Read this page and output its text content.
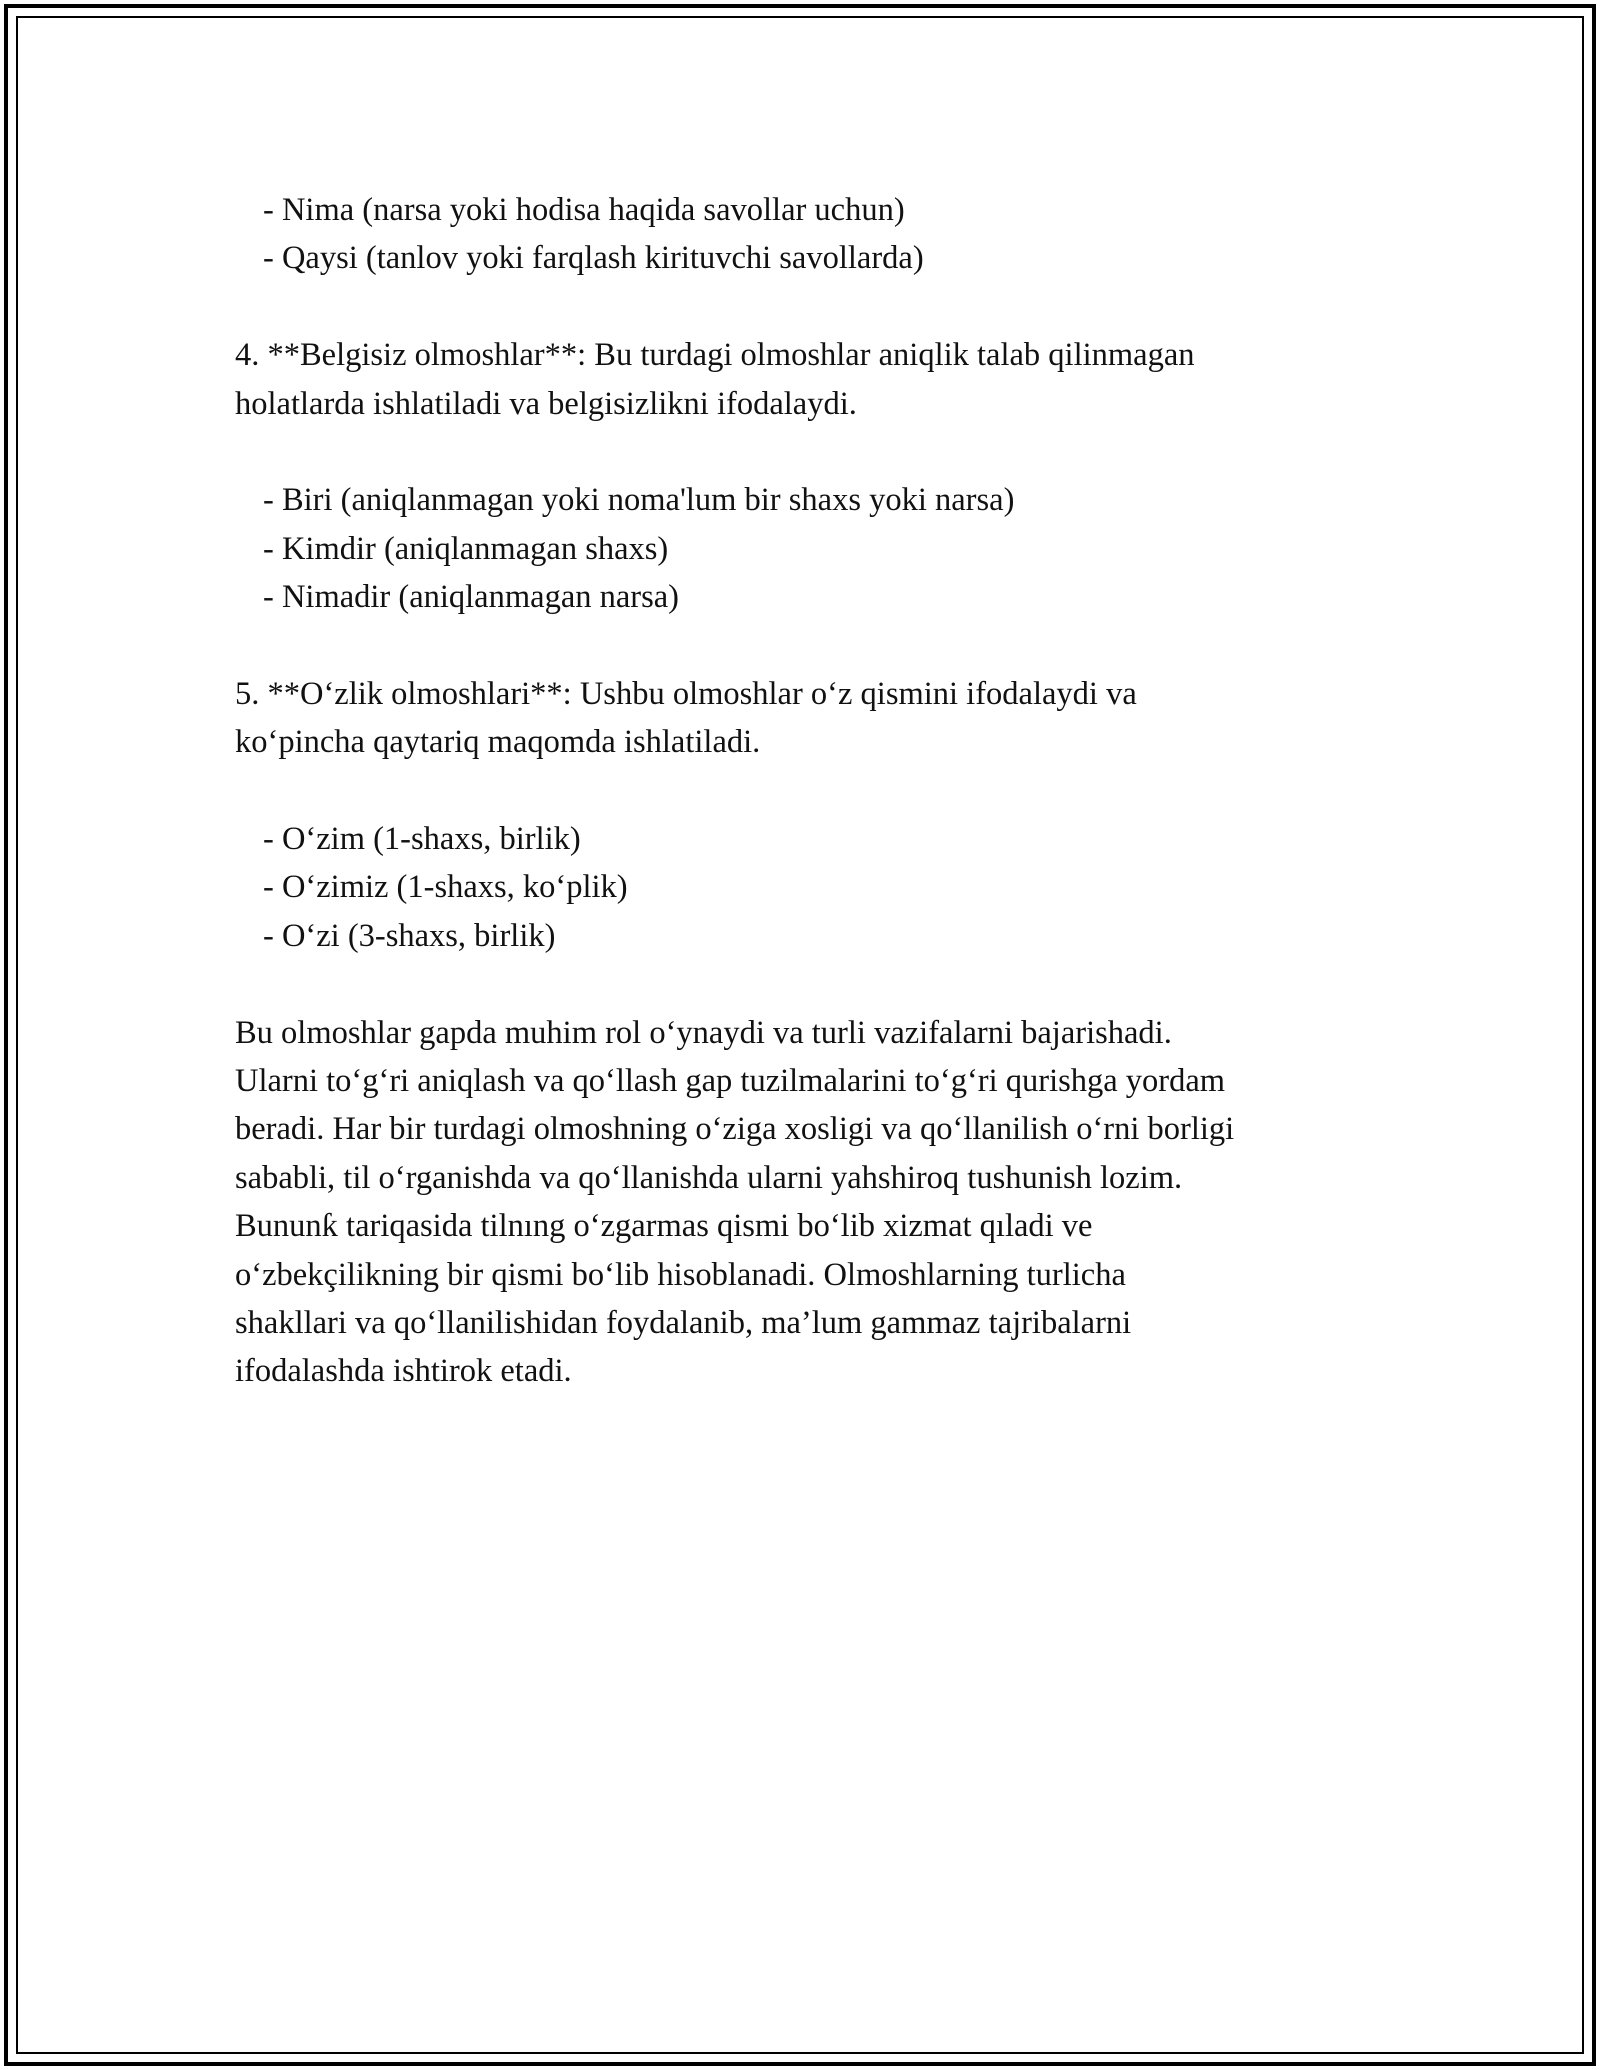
- Nima (narsa yoki hodisa haqida savollar uchun)
- Qaysi (tanlov yoki farqlash kirituvchi savollarda)
4. **Belgisiz olmoshlar**: Bu turdagi olmoshlar aniqlik talab qilinmagan
holatlarda ishlatiladi va belgisizlikni ifodalaydi.
- Biri (aniqlanmagan yoki noma'lum bir shaxs yoki narsa)
- Kimdir (aniqlanmagan shaxs)
- Nimadir (aniqlanmagan narsa)
5. **O‘zlik olmoshlari**: Ushbu olmoshlar o‘z qismini ifodalaydi va
ko‘pincha qaytariq maqomda ishlatiladi.
- O‘zim (1-shaxs, birlik)
- O‘zimiz (1-shaxs, ko‘plik)
- O‘zi (3-shaxs, birlik)
Bu olmoshlar gapda muhim rol o‘ynaydi va turli vazifalarni bajarishadi.
Ularni to‘g‘ri aniqlash va qo‘llash gap tuzilmalarini to‘g‘ri qurishga yordam
beradi. Har bir turdagi olmoshning o‘ziga xosligi va qo‘llanilish o‘rni borligi
sababli, til o‘rganishda va qo‘llanishda ularni yahshiroq tushunish lozim.
Bununƙ tariqasida tilnıng o‘zgarmas qismi bo‘lib xizmat qıladi ve
o‘zbekçilikning bir qismi bo‘lib hisoblanadi. Olmoshlarning turlicha
shakllari va qo‘llanilishidan foydalanib, ma’lum gammaz tajribalarni
ifodalashda ishtirok etadi.
